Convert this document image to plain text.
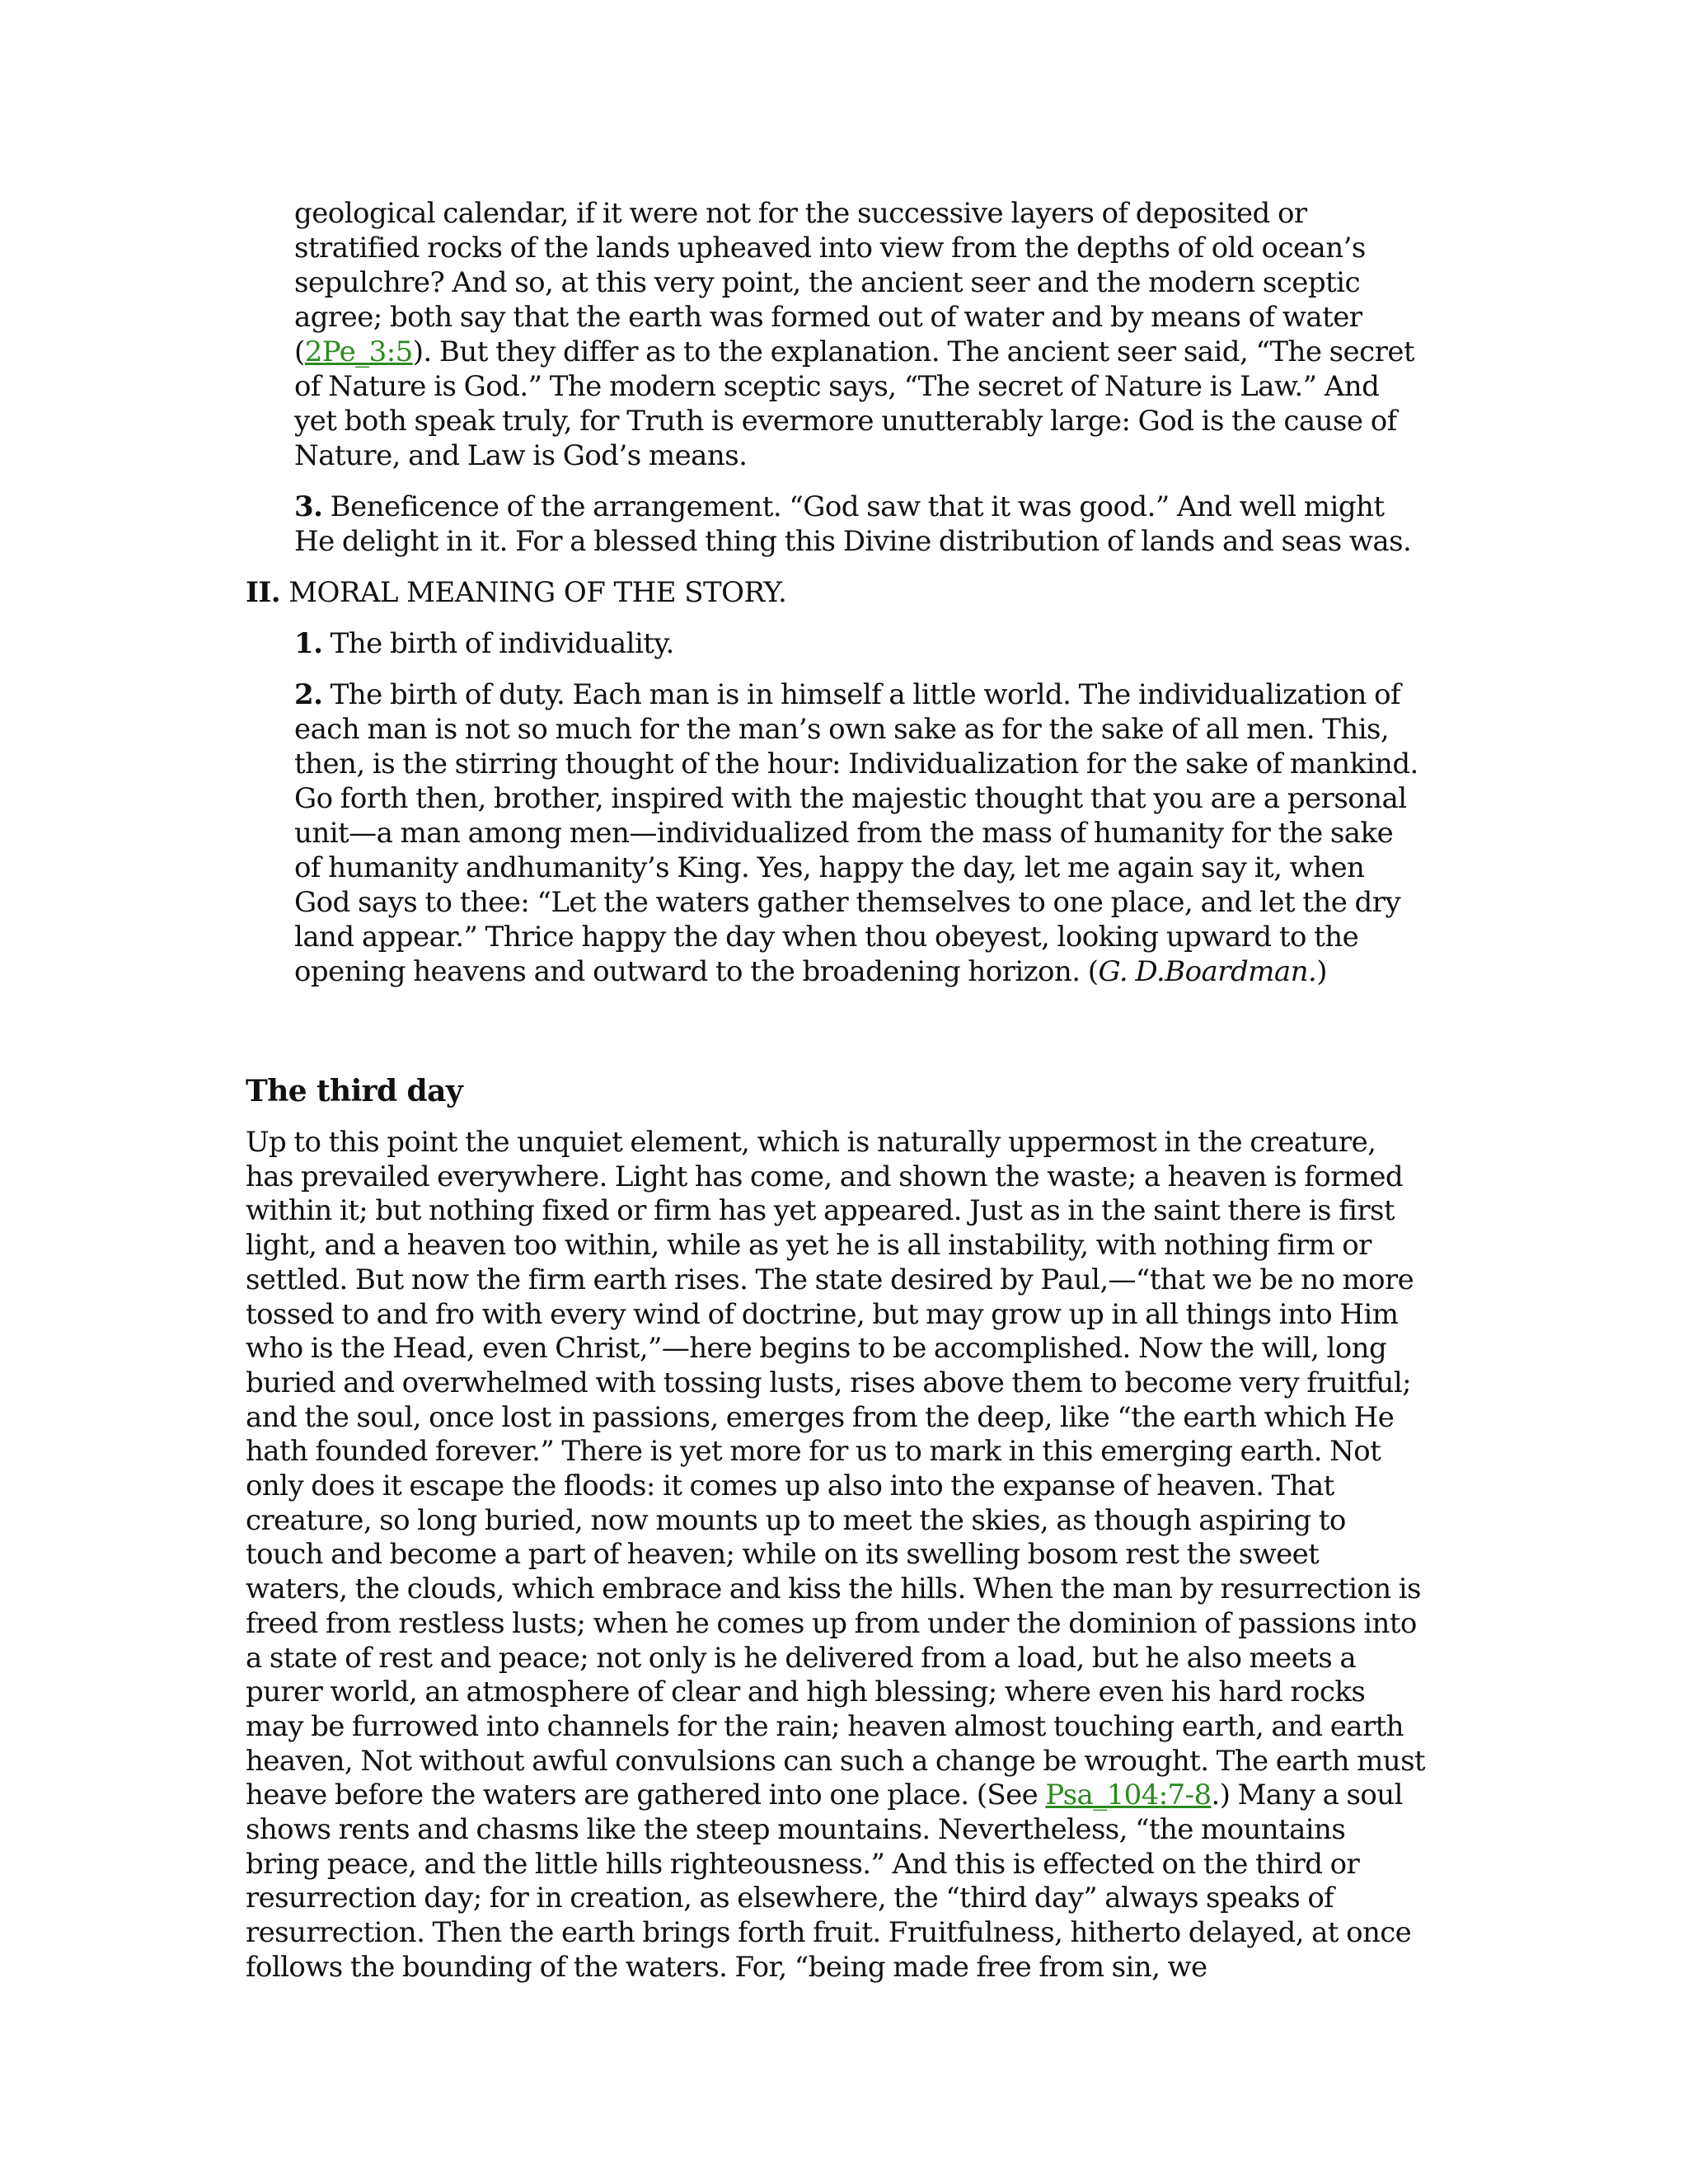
geological calendar, if it were not for the successive layers of deposited or stratified rocks of the lands upheaved into view from the depths of old ocean’s sepulchre? And so, at this very point, the ancient seer and the modern sceptic agree; both say that the earth was formed out of water and by means of water (2Pe_3:5). But they differ as to the explanation. The ancient seer said, “The secret of Nature is God.” The modern sceptic says, “The secret of Nature is Law.” And yet both speak truly, for Truth is evermore unutterably large: God is the cause of Nature, and Law is God’s means.

3. Beneficence of the arrangement. “God saw that it was good.” And well might He delight in it. For a blessed thing this Divine distribution of lands and seas was.

II. MORAL MEANING OF THE STORY.

1. The birth of individuality.

2. The birth of duty. Each man is in himself a little world. The individualization of each man is not so much for the man’s own sake as for the sake of all men. This, then, is the stirring thought of the hour: Individualization for the sake of mankind. Go forth then, brother, inspired with the majestic thought that you are a personal unit—a man among men—individualized from the mass of humanity for the sake of humanity andhumanity’s King. Yes, happy the day, let me again say it, when God says to thee: “Let the waters gather themselves to one place, and let the dry land appear.” Thrice happy the day when thou obeyest, looking upward to the opening heavens and outward to the broadening horizon. (G. D.Boardman.)

The third day

Up to this point the unquiet element, which is naturally uppermost in the creature, has prevailed everywhere. Light has come, and shown the waste; a heaven is formed within it; but nothing fixed or firm has yet appeared. Just as in the saint there is first light, and a heaven too within, while as yet he is all instability, with nothing firm or settled. But now the firm earth rises. The state desired by Paul,—“that we be no more tossed to and fro with every wind of doctrine, but may grow up in all things into Him who is the Head, even Christ,”—here begins to be accomplished. Now the will, long buried and overwhelmed with tossing lusts, rises above them to become very fruitful; and the soul, once lost in passions, emerges from the deep, like “the earth which He hath founded forever.” There is yet more for us to mark in this emerging earth. Not only does it escape the floods: it comes up also into the expanse of heaven. That creature, so long buried, now mounts up to meet the skies, as though aspiring to touch and become a part of heaven; while on its swelling bosom rest the sweet waters, the clouds, which embrace and kiss the hills. When the man by resurrection is freed from restless lusts; when he comes up from under the dominion of passions into a state of rest and peace; not only is he delivered from a load, but he also meets a purer world, an atmosphere of clear and high blessing; where even his hard rocks may be furrowed into channels for the rain; heaven almost touching earth, and earth heaven, Not without awful convulsions can such a change be wrought. The earth must heave before the waters are gathered into one place. (See Psa_104:7-8.) Many a soul shows rents and chasms like the steep mountains. Nevertheless, “the mountains bring peace, and the little hills righteousness.” And this is effected on the third or resurrection day; for in creation, as elsewhere, the “third day” always speaks of resurrection. Then the earth brings forth fruit. Fruitfulness, hitherto delayed, at once follows the bounding of the waters. For, “being made free from sin, we
